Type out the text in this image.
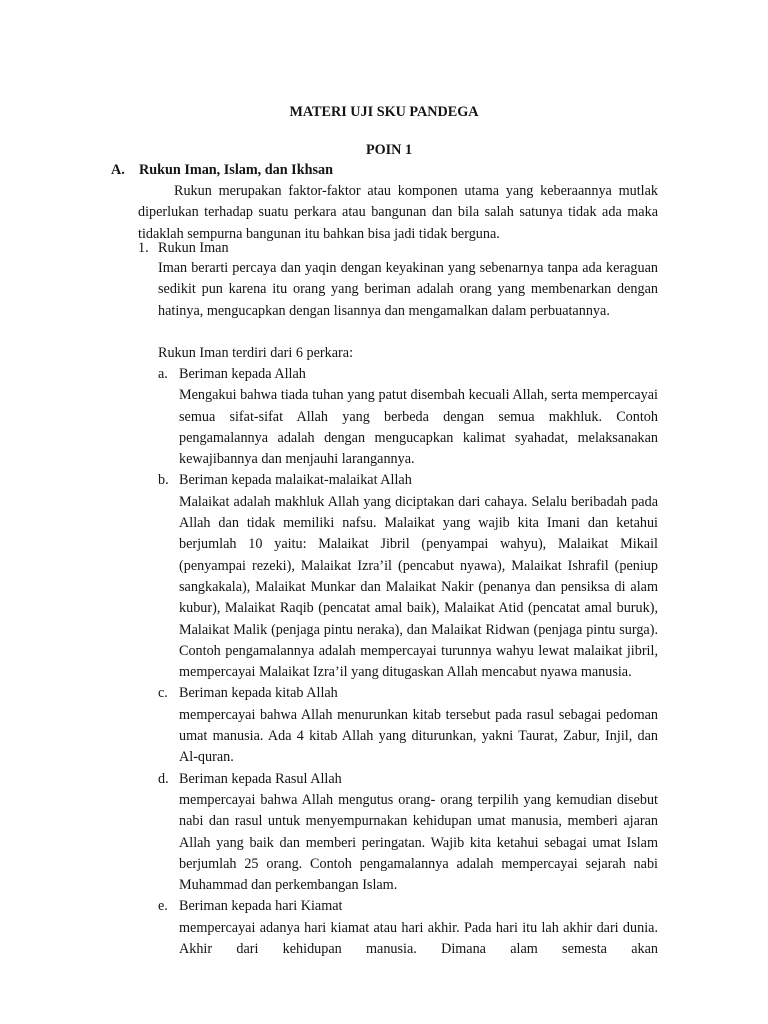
MATERI UJI SKU PANDEGA
POIN 1
A. Rukun Iman, Islam, dan Ikhsan
Rukun merupakan faktor-faktor atau komponen utama yang keberaannya mutlak diperlukan terhadap suatu perkara atau bangunan dan bila salah satunya tidak ada maka tidaklah sempurna bangunan itu bahkan bisa jadi tidak berguna.
1. Rukun Iman
Iman berarti percaya dan yaqin dengan keyakinan yang sebenarnya tanpa ada keraguan sedikit pun karena itu orang yang beriman adalah orang yang membenarkan dengan hatinya, mengucapkan dengan lisannya dan mengamalkan dalam perbuatannya.
Rukun Iman terdiri dari 6 perkara:
a. Beriman kepada Allah
Mengakui bahwa tiada tuhan yang patut disembah kecuali Allah, serta mempercayai semua sifat-sifat Allah yang berbeda dengan semua makhluk. Contoh pengamalannya adalah dengan mengucapkan kalimat syahadat, melaksanakan kewajibannya dan menjauhi larangannya.
b. Beriman kepada malaikat-malaikat Allah
Malaikat adalah makhluk Allah yang diciptakan dari cahaya. Selalu beribadah pada Allah dan tidak memiliki nafsu. Malaikat yang wajib kita Imani dan ketahui berjumlah 10 yaitu: Malaikat Jibril (penyampai wahyu), Malaikat Mikail (penyampai rezeki), Malaikat Izra’il (pencabut nyawa), Malaikat Ishrafil (peniup sangkakala), Malaikat Munkar dan Malaikat Nakir (penanya dan pensiksa di alam kubur), Malaikat Raqib (pencatat amal baik), Malaikat Atid (pencatat amal buruk), Malaikat Malik (penjaga pintu neraka), dan Malaikat Ridwan (penjaga pintu surga). Contoh pengamalannya adalah mempercayai turunnya wahyu lewat malaikat jibril, mempercayai Malaikat Izra’il yang ditugaskan Allah mencabut nyawa manusia.
c. Beriman kepada kitab Allah
mempercayai bahwa Allah menurunkan kitab tersebut pada rasul sebagai pedoman umat manusia. Ada 4 kitab Allah yang diturunkan, yakni Taurat, Zabur, Injil, dan Al-quran.
d. Beriman kepada Rasul Allah
mempercayai bahwa Allah mengutus orang- orang terpilih yang kemudian disebut nabi dan rasul untuk menyempurnakan kehidupan umat manusia, memberi ajaran Allah yang baik dan memberi peringatan. Wajib kita ketahui sebagai umat Islam berjumlah 25 orang. Contoh pengamalannya adalah mempercayai sejarah nabi Muhammad dan perkembangan Islam.
e. Beriman kepada hari Kiamat
mempercayai adanya hari kiamat atau hari akhir. Pada hari itu lah akhir dari dunia. Akhir dari kehidupan manusia. Dimana alam semesta akan
